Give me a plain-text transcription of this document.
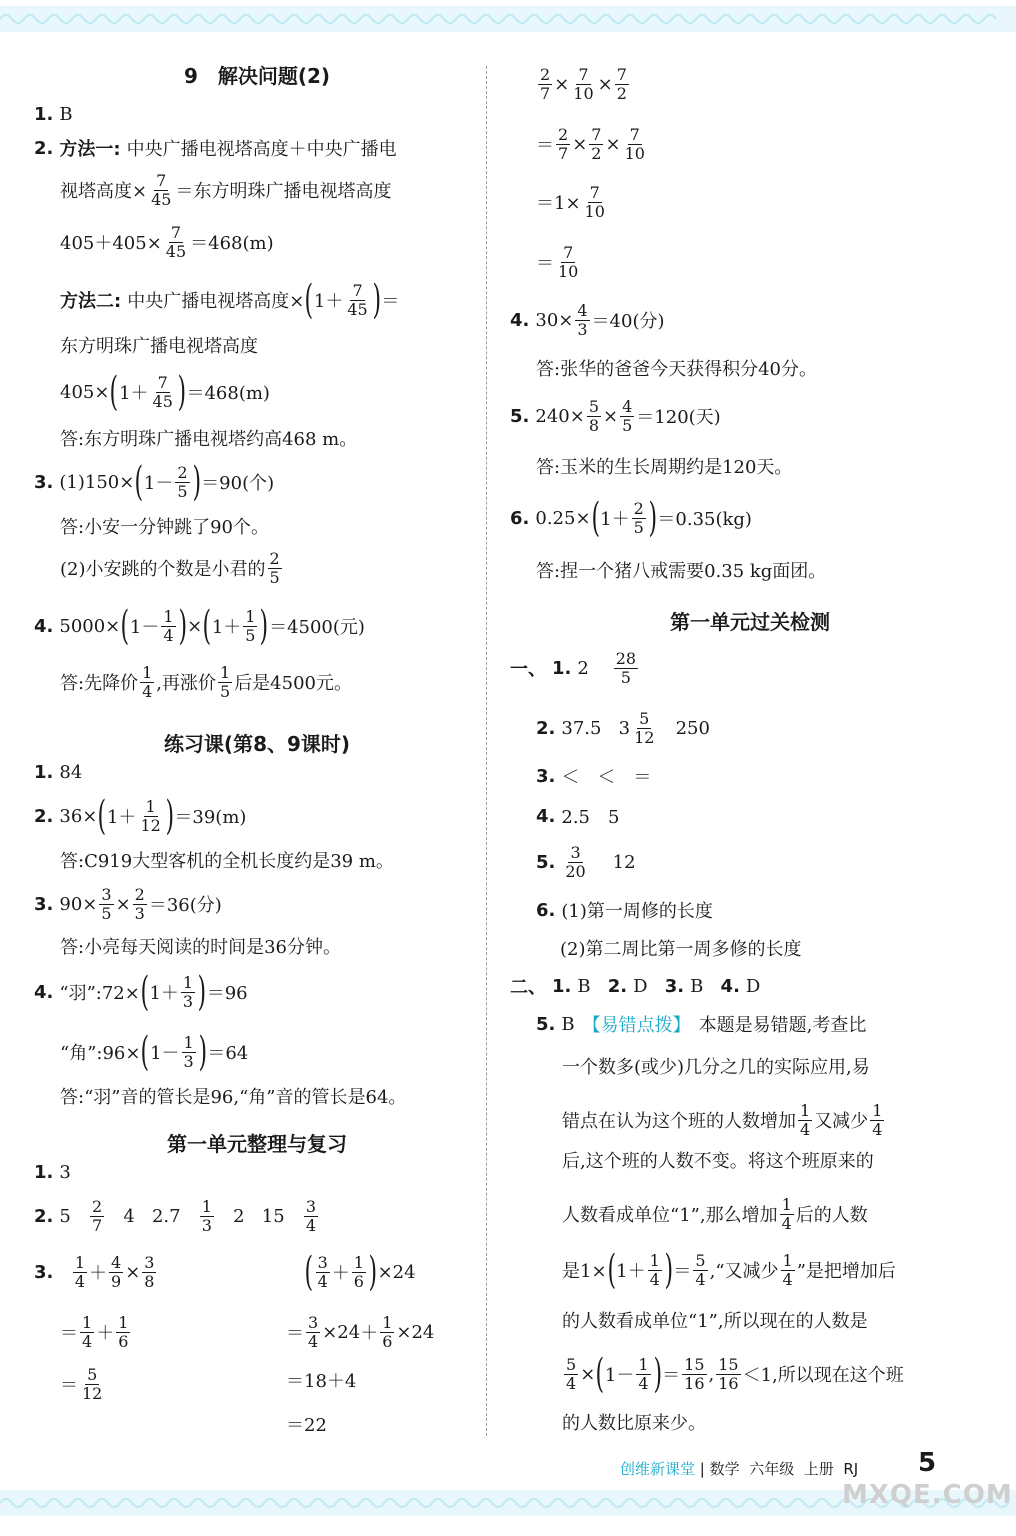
9　解决问题(2)
1. B
2. 方法一: 中央广播电视塔高度＋中央广播电
视塔高度× $\frac{7}{45}$ ＝东方明珠广播电视塔高度
$405+405\times \frac{7}{45} =468(m)$
方法二: 中央广播电视塔高度× ( $1+ \frac{7}{45}$ ) ＝
东方明珠广播电视塔高度
405× ( $1+ \frac{7}{45}$ ) ＝468(m)
答:东方明珠广播电视塔约高468 m。
3. (1)150× ( $1- \frac{2}{5}$ ) ＝90(个)
答:小安一分钟跳了90个。
(2)小安跳的个数是小君的 $\frac{2}{5}$
4. 5000× ( $1- \frac{1}{4}$ ) × ( $1+ \frac{1}{5}$ ) ＝4500(元)
答:先降价 $\frac{1}{4}$ ,再涨价 $\frac{1}{5}$ 后是4500元。
练习课(第8、9课时)
1. 84
2. 36× ( $1+ \frac{1}{12}$ ) ＝39(m)
答:C919大型客机的全机长度约是39 m。
3. $90\times \frac{3}{5} \times \frac{2}{3} =36$(分)
答:小亮每天阅读的时间是36分钟。
4. “羽”:72× ( $1+ \frac{1}{3}$ ) ＝96
“角”:96× ( $1- \frac{1}{3}$ ) ＝64
答:“羽”音的管长是96,“角”音的管长是64。
第一单元整理与复习
1. 3
2. 5
$\frac{2}{7}$
4
2.7
$\frac{1}{3}$
2
15
$\frac{3}{4}$
3.
$\frac{1}{4} + \frac{4}{9} \times \frac{3}{8}$
＝ $\frac{1}{4} + \frac{1}{6}$
＝ $\frac{5}{12}$
( $\frac{3}{4} + \frac{1}{6}$ ) ×24
＝ $\frac{3}{4} \times 24 + \frac{1}{6} \times 24$
＝18＋4
＝22
$\frac{2}{7} \times \frac{7}{10} \times \frac{7}{2}$
＝ $\frac{2}{7} \times \frac{7}{2} \times \frac{7}{10}$
$=1\times \frac{7}{10}$
＝ $\frac{7}{10}$
4. $30\times \frac{4}{3} =40$(分)
答:张华的爸爸今天获得积分40分。
5. $240\times \frac{5}{8} \times \frac{4}{5} =120$(天)
答:玉米的生长周期约是120天。
6. 0.25× ( $1+ \frac{2}{5}$ ) ＝0.35(kg)
答:捏一个猪八戒需要0.35 kg面团。
第一单元过关检测
一、 1. 2
$\frac{28}{5}$
2. 37.5
$3 \frac{5}{12}$
250
3. ＜　＜　＝
4. 2.5　5
5. $\frac{3}{20}$
12
6. (1)第一周修的长度
(2)第二周比第一周多修的长度
二、 1. B
2. D
3. B
4. D
5. B 【易错点拨】 本题是易错题,考查比
一个数多(或少)几分之几的实际应用,易
错点在认为这个班的人数增加 $\frac{1}{4}$ 又减少 $\frac{1}{4}$
后,这个班的人数不变。将这个班原来的
人数看成单位“1”,那么增加 $\frac{1}{4}$ 后的人数
是1× ( $1+ \frac{1}{4}$ ) ＝ $\frac{5}{4}$ ,“又减少 $\frac{1}{4}$ ”是把增加后
的人数看成单位“1”,所以现在的人数是
$\frac{5}{4}$ × ( $1- \frac{1}{4}$ ) ＝ $\frac{15}{16}$ , $\frac{15}{16} <1$,所以现在这个班
的人数比原来少。
创维新课堂 | 数学 六年级 上册 RJ 5
MXQE.COM
